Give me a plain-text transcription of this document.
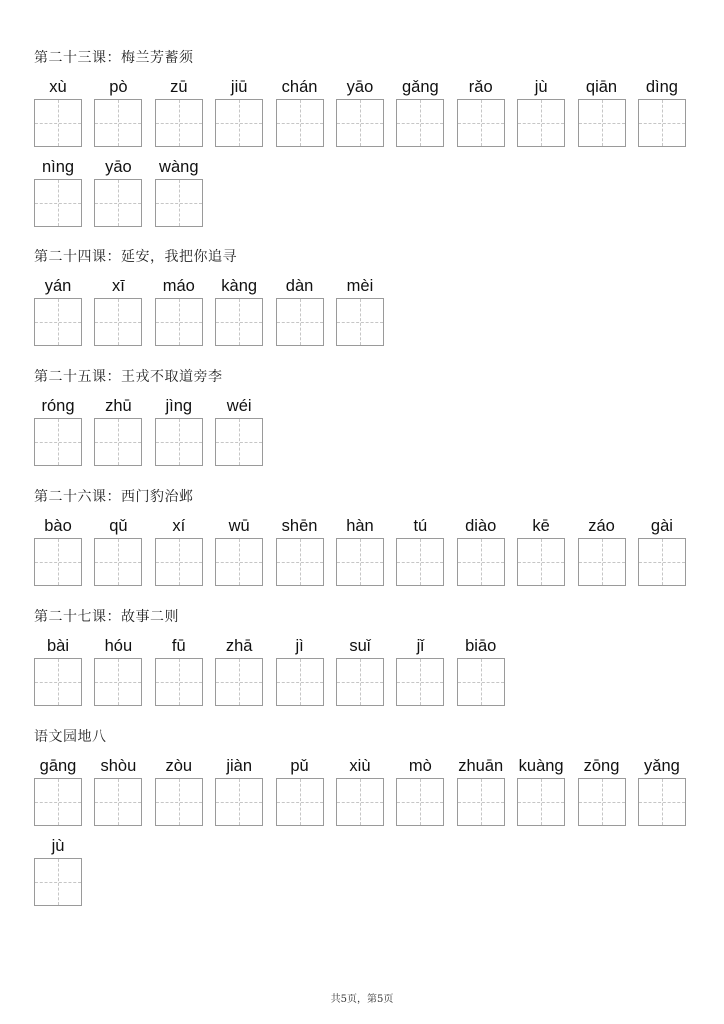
第二十三课：梅兰芳蓄须
xù	pò	zū	jiū	chán	yāo	gǎng	rǎo	jù	qiān	dìng
nìng	yāo	wàng
第二十四课：延安，我把你追寻
yán	xī	máo	kàng	dàn	mèi
第二十五课：王戎不取道旁李
róng	zhū	jìng	wéi
第二十六课：西门豹治邺
bào	qǔ	xí	wū	shēn	hàn	tú	diào	kē	záo	gài
第二十七课：故事二则
bài	hóu	fū	zhā	jì	suǐ	jǐ	biāo
语文园地八
gāng	shòu	zòu	jiàn	pǔ	xiù	mò	zhuān kuàng	zōng	yǎng
jù
共5页，第5页
